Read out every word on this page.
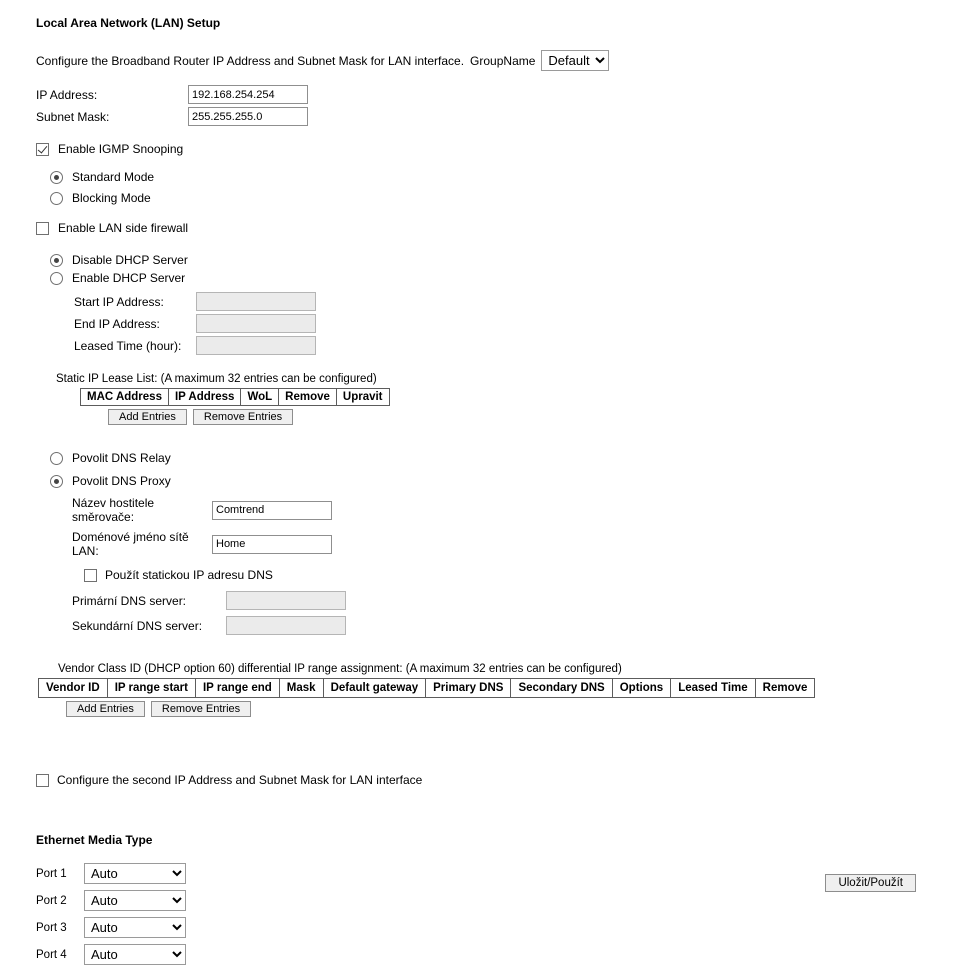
Local Area Network (LAN) Setup
Configure the Broadband Router IP Address and Subnet Mask for LAN interface. GroupName
Default
IP Address:
192.168.254.254
Subnet Mask:
255.255.255.0
Enable IGMP Snooping
Standard Mode
Blocking Mode
Enable LAN side firewall
Disable DHCP Server
Enable DHCP Server
Start IP Address:
End IP Address:
Leased Time (hour):
Static IP Lease List: (A maximum 32 entries can be configured)
MAC Address	IP Address	WoL	Remove	Upravit
Add Entries	Remove Entries
Povolit DNS Relay
Povolit DNS Proxy
Název hostitele směrovače:
Comtrend
Doménové jméno sítě LAN:
Home
Použít statickou IP adresu DNS
Primární DNS server:
Sekundární DNS server:
Vendor Class ID (DHCP option 60) differential IP range assignment: (A maximum 32 entries can be configured)
Vendor ID	IP range start	IP range end	Mask	Default gateway	Primary DNS	Secondary DNS	Options	Leased Time	Remove
Add Entries	Remove Entries
Configure the second IP Address and Subnet Mask for LAN interface
Ethernet Media Type
Port 1
Auto
Port 2
Auto
Port 3
Auto
Port 4
Auto
Uložit/Použít
